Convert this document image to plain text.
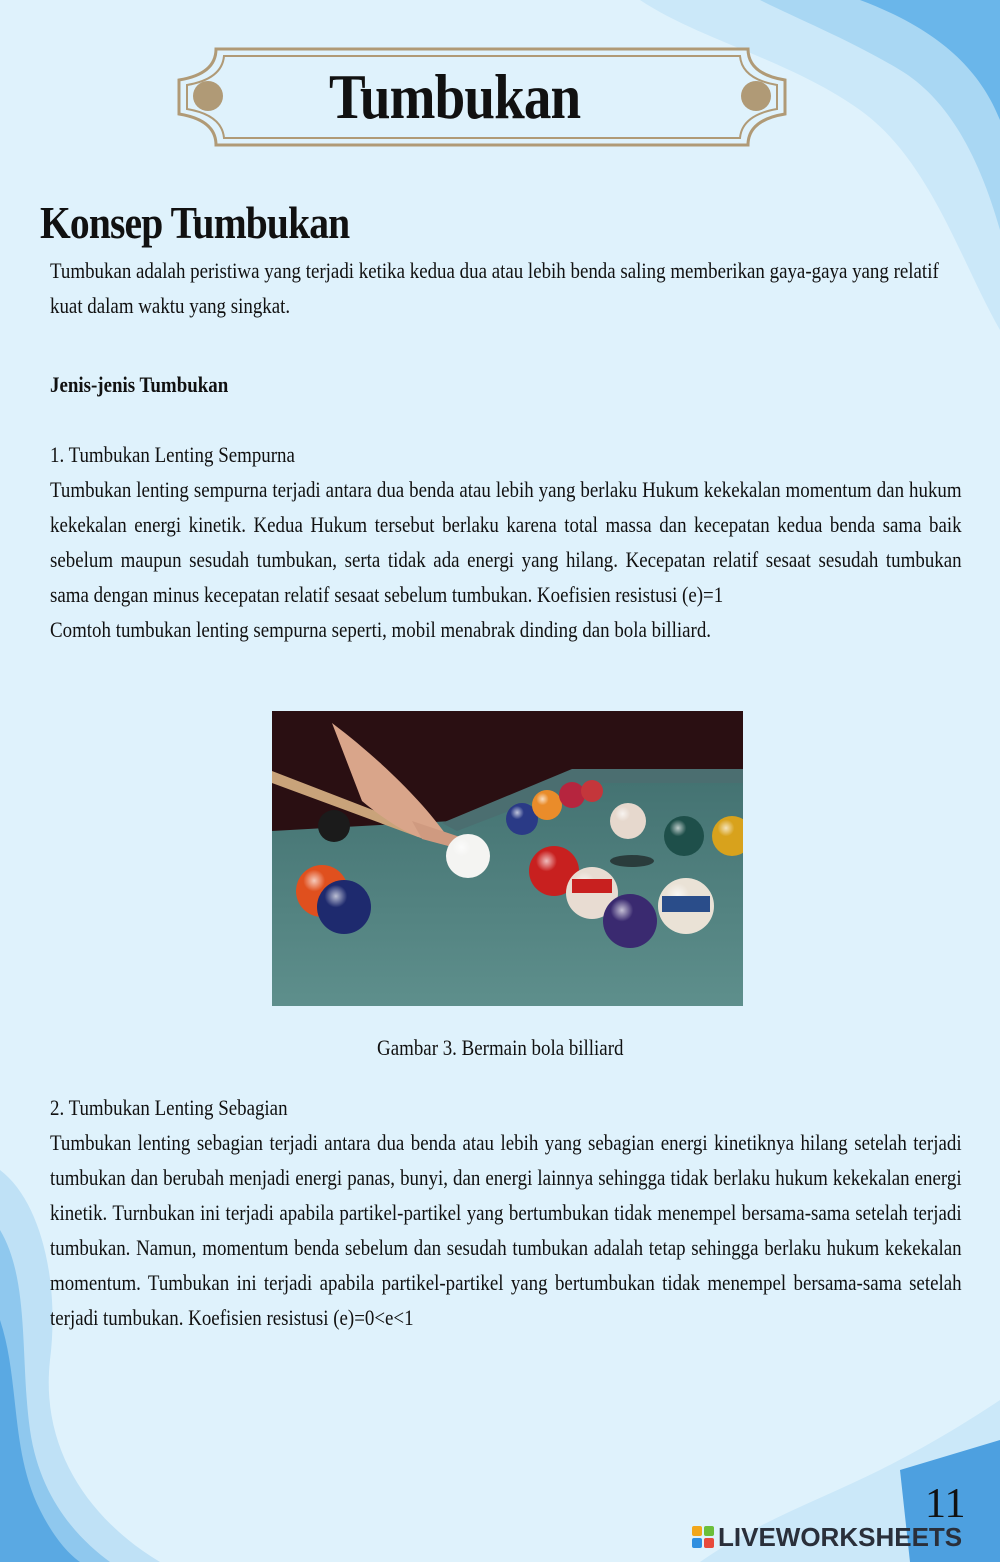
Tumbukan
Konsep Tumbukan

Tumbukan adalah peristiwa yang terjadi ketika kedua dua atau lebih benda saling memberikan gaya-gaya yang relatif kuat dalam waktu yang singkat.

Jenis-jenis Tumbukan

1. Tumbukan Lenting Sempurna

Tumbukan lenting sempurna terjadi antara dua benda atau lebih yang berlaku Hukum kekekalan momentum dan hukum kekekalan energi kinetik. Kedua Hukum tersebut berlaku karena total massa dan kecepatan kedua benda sama baik sebelum maupun sesudah tumbukan, serta tidak ada energi yang hilang. Kecepatan relatif sesaat sesudah tumbukan sama dengan minus kecepatan relatif sesaat sebelum tumbukan. Koefisien resistusi (e)=1

Comtoh tumbukan lenting sempurna seperti, mobil menabrak dinding dan bola billiard.

Gambar 3. Bermain bola billiard

2. Tumbukan Lenting Sebagian

Tumbukan lenting sebagian terjadi antara dua benda atau lebih yang sebagian energi kinetiknya hilang setelah terjadi tumbukan dan berubah menjadi energi panas, bunyi, dan energi lainnya sehingga tidak berlaku hukum kekekalan energi kinetik. Turnbukan ini terjadi apabila partikel-partikel yang bertumbukan tidak menempel bersama-sama setelah terjadi tumbukan. Namun, momentum benda sebelum dan sesudah tumbukan adalah tetap sehingga berlaku hukum kekekalan momentum. Tumbukan ini terjadi apabila partikel-partikel yang bertumbukan tidak menempel bersama-sama setelah terjadi tumbukan. Koefisien resistusi (e)=0<e<1

11
LIVEWORKSHEETS
